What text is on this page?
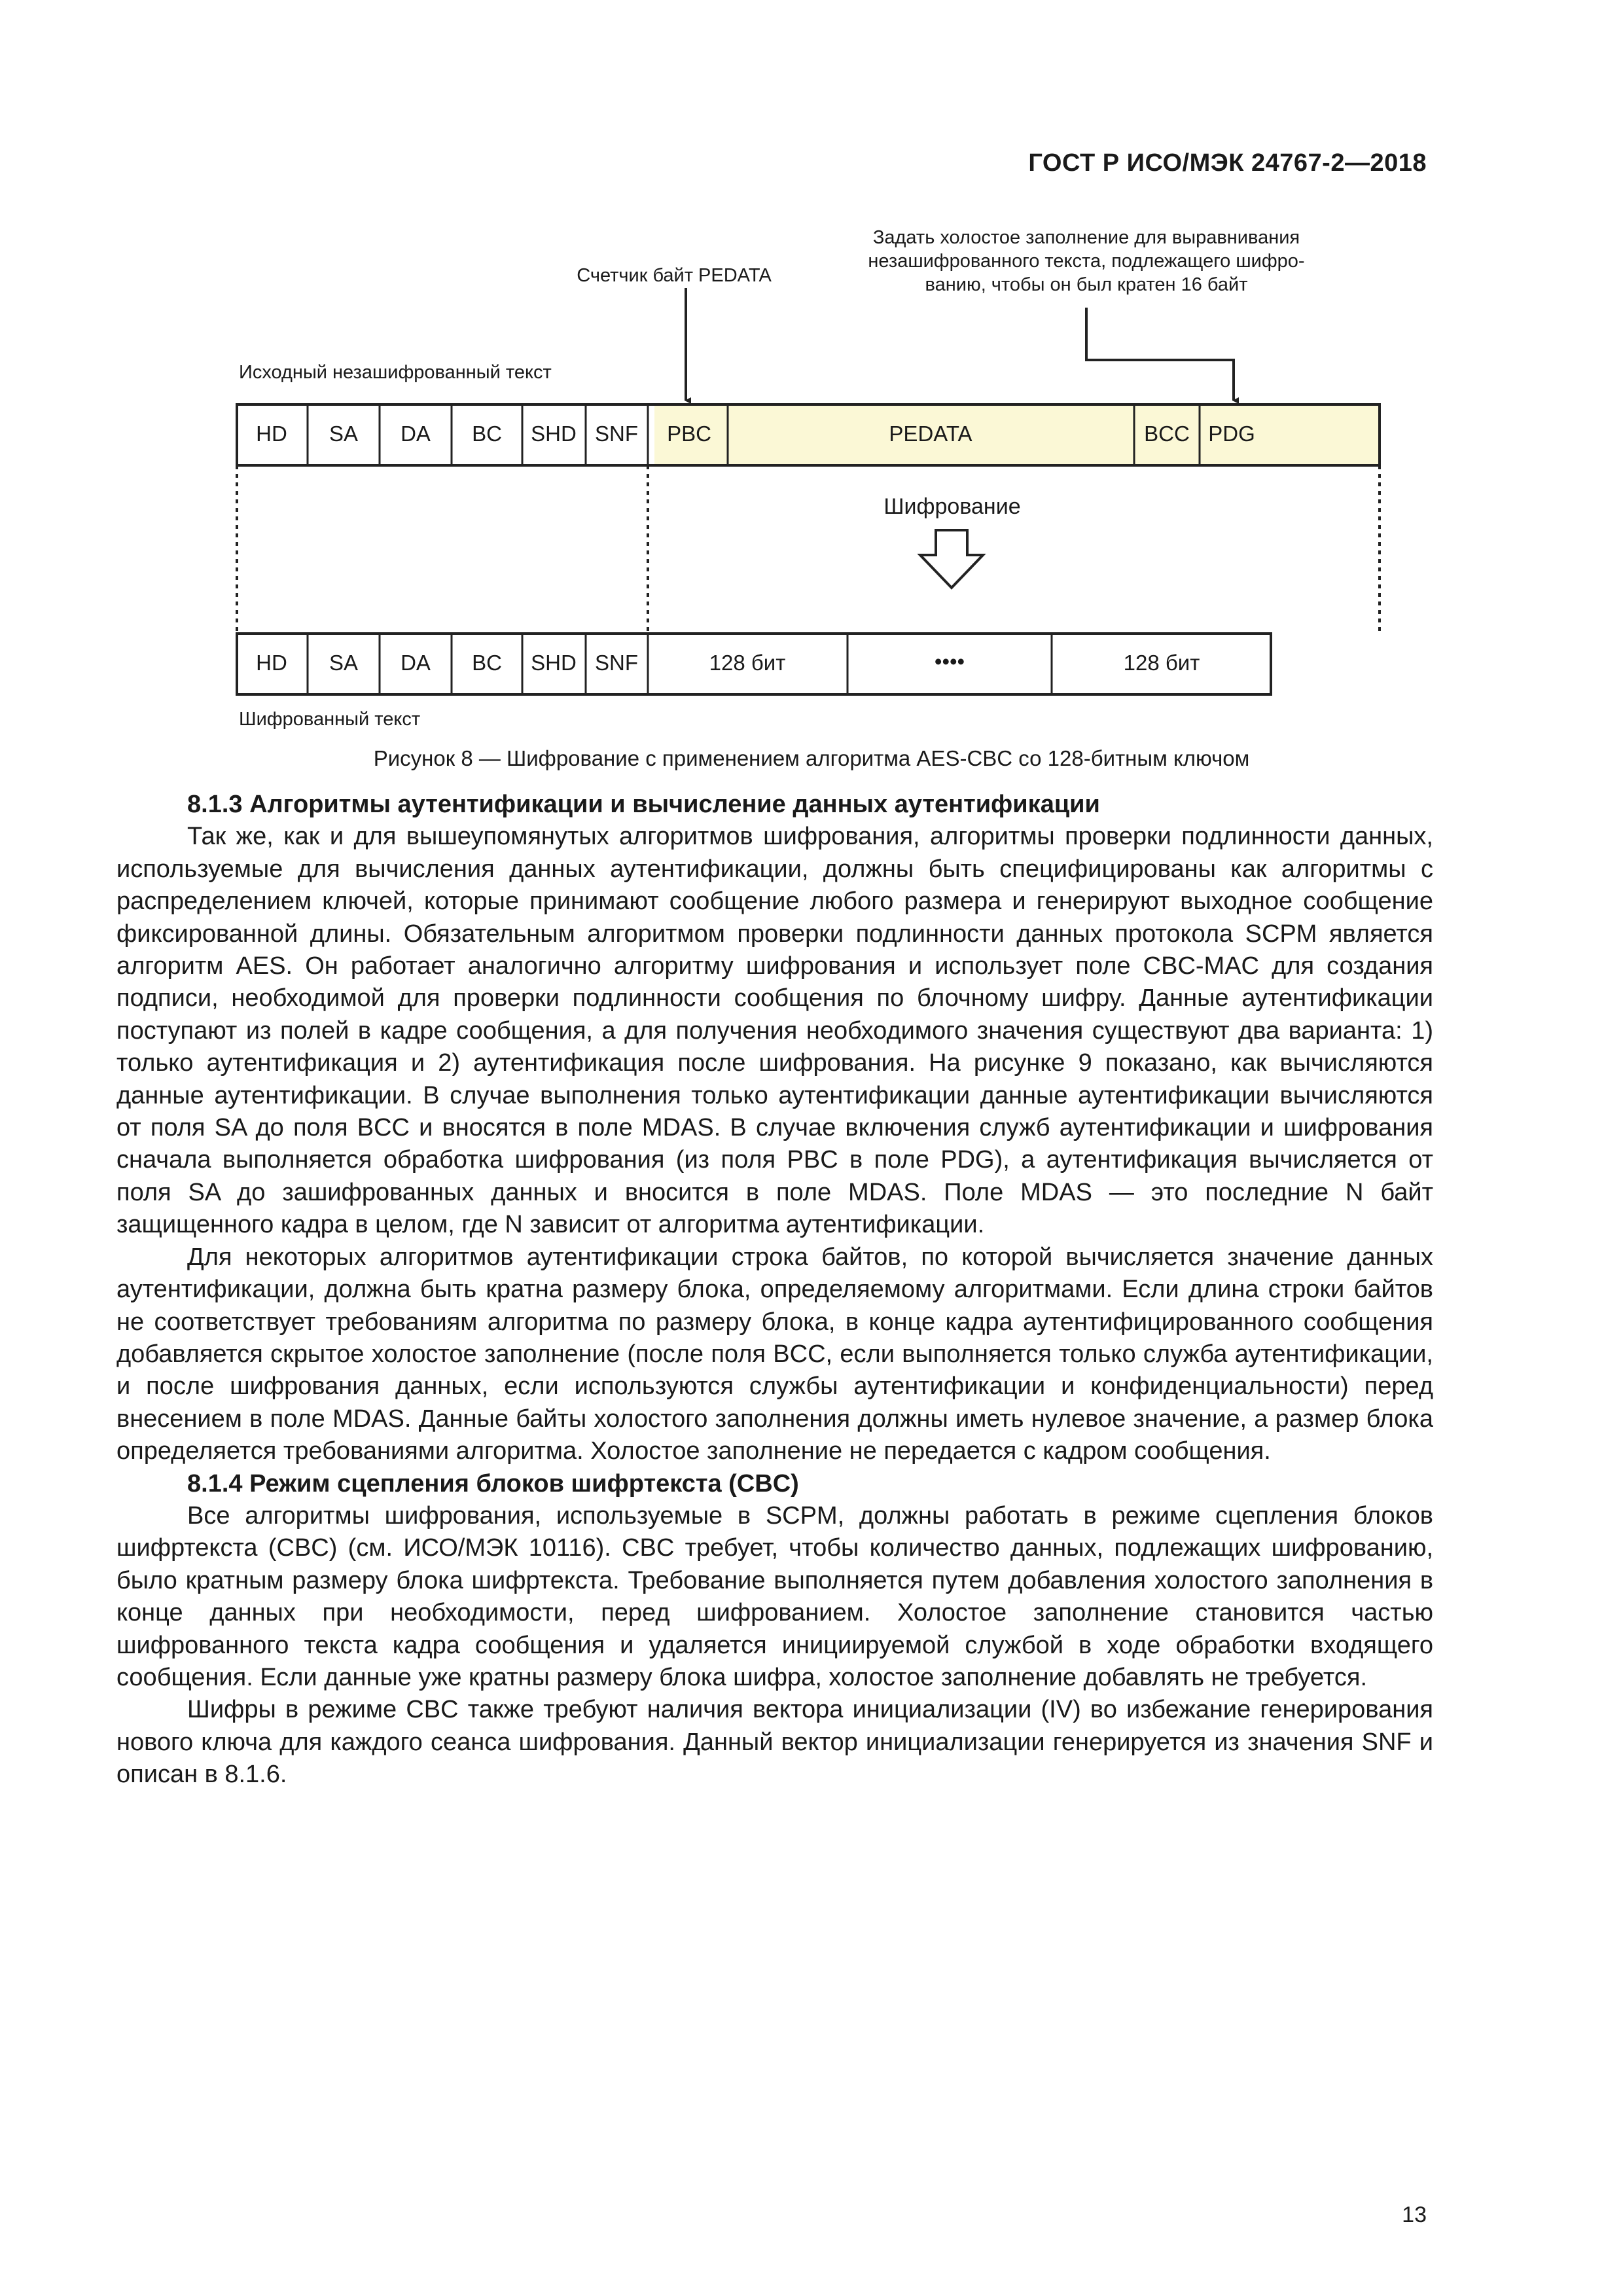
ГОСТ Р ИСО/МЭК 24767-2—2018
Счетчик байт PEDATA
Задать холостое заполнение для выравнивания
незашифрованного текста, подлежащего шифро-
ванию, чтобы он был кратен 16 байт
Исходный незашифрованный текст
HD SA DA BC SHD SNF PBC	PEDATA	BCC PDG
Шифрование
HD SA DA BC SHD SNF	128 бит	••••	128 бит
Шифрованный текст
Рисунок 8 — Шифрование с применением алгоритма AES-CBC со 128-битным ключом
8.1.3 Алгоритмы аутентификации и вычисление данных аутентификации

Так же, как и для вышеупомянутых алгоритмов шифрования, алгоритмы проверки подлинности данных, используемые для вычисления данных аутентификации, должны быть специфицированы как алгоритмы с распределением ключей, которые принимают сообщение любого размера и генерируют выходное сообщение фиксированной длины. Обязательным алгоритмом проверки подлинности данных протокола SCPM является алгоритм AES. Он работает аналогично алгоритму шифрования и использует поле CBC-MAC для создания подписи, необходимой для проверки подлинности сообщения по блочному шифру. Данные аутентификации поступают из полей в кадре сообщения, а для получения необходимого значения существуют два варианта: 1) только аутентификация и 2) аутентификация после шифрования. На рисунке 9 показано, как вычисляются данные аутентификации. В случае выполнения только аутентификации данные аутентификации вычисляются от поля SA до поля BCC и вносятся в поле MDAS. В случае включения служб аутентификации и шифрования сначала выполняется обработка шифрования (из поля PBC в поле PDG), а аутентификация вычисляется от поля SA до зашифрованных данных и вносится в поле MDAS. Поле MDAS — это последние N байт защищенного кадра в целом, где N зависит от алгоритма аутентификации.

Для некоторых алгоритмов аутентификации строка байтов, по которой вычисляется значение данных аутентификации, должна быть кратна размеру блока, определяемому алгоритмами. Если длина строки байтов не соответствует требованиям алгоритма по размеру блока, в конце кадра аутентифицированного сообщения добавляется скрытое холостое заполнение (после поля BCC, если выполняется только служба аутентификации, и после шифрования данных, если используются службы аутентификации и конфиденциальности) перед внесением в поле MDAS. Данные байты холостого заполнения должны иметь нулевое значение, а размер блока определяется требованиями алгоритма. Холостое заполнение не передается с кадром сообщения.

8.1.4 Режим сцепления блоков шифртекста (CBC)

Все алгоритмы шифрования, используемые в SCPM, должны работать в режиме сцепления блоков шифртекста (CBC) (см. ИСО/МЭК 10116). CBC требует, чтобы количество данных, подлежащих шифрованию, было кратным размеру блока шифртекста. Требование выполняется путем добавления холостого заполнения в конце данных при необходимости, перед шифрованием. Холостое заполнение становится частью шифрованного текста кадра сообщения и удаляется инициируемой службой в ходе обработки входящего сообщения. Если данные уже кратны размеру блока шифра, холостое заполнение добавлять не требуется.

Шифры в режиме CBC также требуют наличия вектора инициализации (IV) во избежание генерирования нового ключа для каждого сеанса шифрования. Данный вектор инициализации генерируется из значения SNF и описан в 8.1.6.

13
